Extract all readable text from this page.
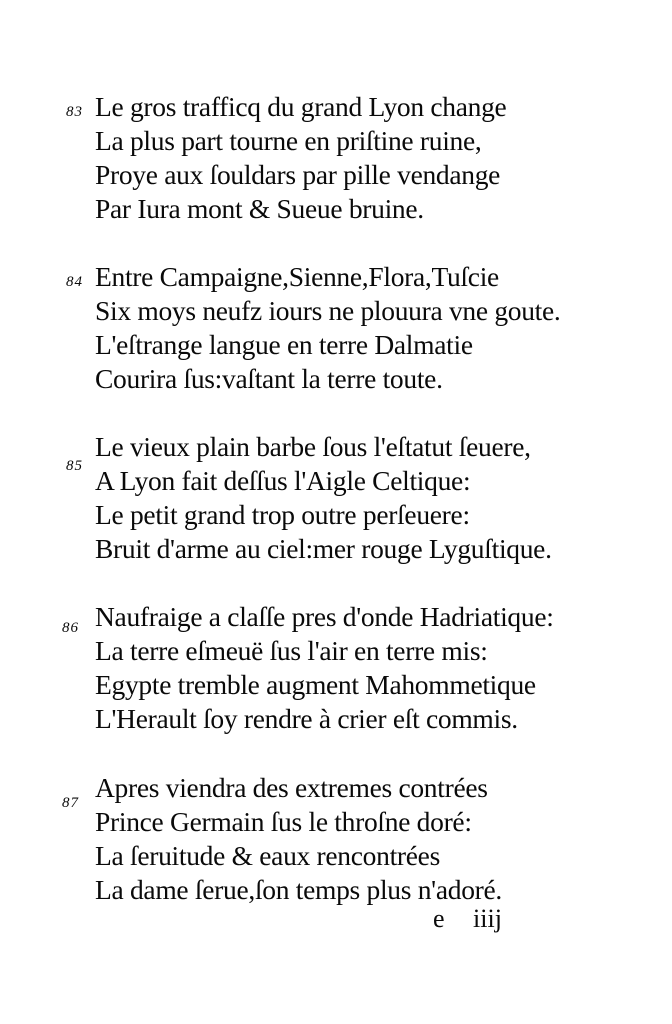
83 Le gros trafficq du grand Lyon change
La plus part tourne en priſtine ruine,
Proye aux ſouldars par pille vendange
Par Iura mont & Sueue bruine.
84 Entre Campaigne,Sienne,Flora,Tuſcie
Six moys neufz iours ne plouura vne goute.
L'eſtrange langue en terre Dalmatie
Courira ſus:vaſtant la terre toute.
85
Le vieux plain barbe ſous l'eſtatut ſeuere,
A Lyon fait deſſus l'Aigle Celtique:
Le petit grand trop outre perſeuere:
Bruit d'arme au ciel:mer rouge Lyguſtique.
86 Naufraige a claſſe pres d'onde Hadriatique:
La terre eſmeuë ſus l'air en terre mis:
Egypte tremble augment Mahommetique
L'Herault ſoy rendre à crier eſt commis.
87 Apres viendra des extremes contrées
Prince Germain ſus le throſne doré:
La ſeruitude & eaux rencontrées
La dame ſerue,ſon temps plus n'adoré.
e iiij
